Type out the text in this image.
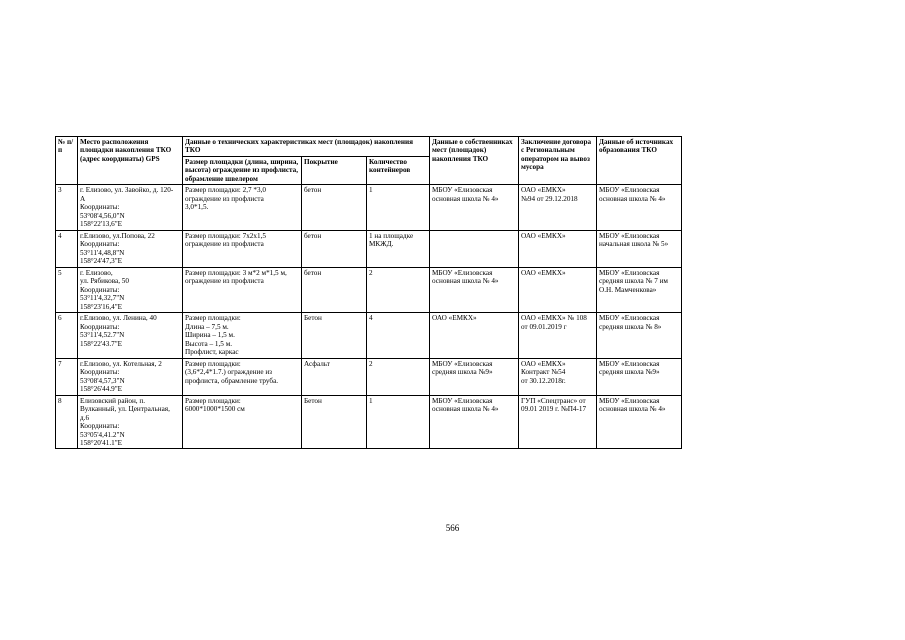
№ п/п	Место расположения площадки накопления ТКО (адрес координаты) GPS	Данные о технических характеристиках мест (площадок) накопления ТКО			Данные о собственниках мест (площадок) накопления ТКО	Заключение договора с Региональным оператором на вывоз мусора	Данные об источниках образования ТКО
		Размер площадки (длина, ширина, высота) ограждение из профлиста, обрамление швелером	Покрытие	Количество контейнеров			
3	г. Елизово, ул. Завойко, д. 120- А
Координаты:
53°08'4,56,0"N
158°22'13,6"E	Размер площадки: 2,7 *3,0
ограждение из профлиста
3,0*1,5.	бетон	1	МБОУ «Елизовская основная школа № 4»	ОАО «ЕМКХ»
№94 от 29.12.2018	МБОУ «Елизовская основная школа № 4»
4	г.Елизово, ул.Попова, 22
Координаты:
53°11'4,48,8"N
158°24'47,3"E	Размер площадки: 7х2х1,5
ограждение из профлиста	бетон	1 на площадке МКЖД.		ОАО «ЕМКХ»	МБОУ «Елизовская начальная школа № 5»
5	г. Елизово,
ул. Рябикова, 50
Координаты:
53°11'4,32,7"N
158°23'16,4"E	Размер площадки: 3 м*2 м*1,5 м,
ограждение из профлиста	бетон	2	МБОУ «Елизовская основная школа № 4»	ОАО «ЕМКХ»	МБОУ «Елизовская средняя школа № 7 им О.Н. Мамченкова»
6	г.Елизово, ул. Ленина, 40
Координаты:
53°11'4,52.7"N
158°22'43.7"E	Размер площадки:
Длина – 7,5 м.
Ширина – 1,5 м.
Высота – 1,5 м.
Профлист, каркас	Бетон	4	ОАО «ЕМКХ»	ОАО «ЕМКХ» № 108 от 09.01.2019 г	МБОУ «Елизовская средняя школа № 8»
7	г.Елизово, ул. Котельная, 2
Координаты:
53°08'4,57,3"N
158°26'44.9"E	Размер площадки:
(3,6*2,4*1.7.) ограждение из профлиста, обрамление труба.	Асфальт	2	МБОУ «Елизовская средняя школа №9»	ОАО «ЕМКХ»
Контракт №54
от 30.12.2018г.	МБОУ «Елизовская средняя школа №9»
8	Елизовский район, п. Вулканный, ул. Центральная, д.6
Координаты:
53°05'4,41.2"N
158°20'41.1"E	Размер площадки:
6000*1000*1500 см	Бетон	1	МБОУ «Елизовская основная школа № 4»	ГУП «Спецтранс» от 09.01 2019 г. №П4-17	МБОУ «Елизовская основная школа № 4»
566
